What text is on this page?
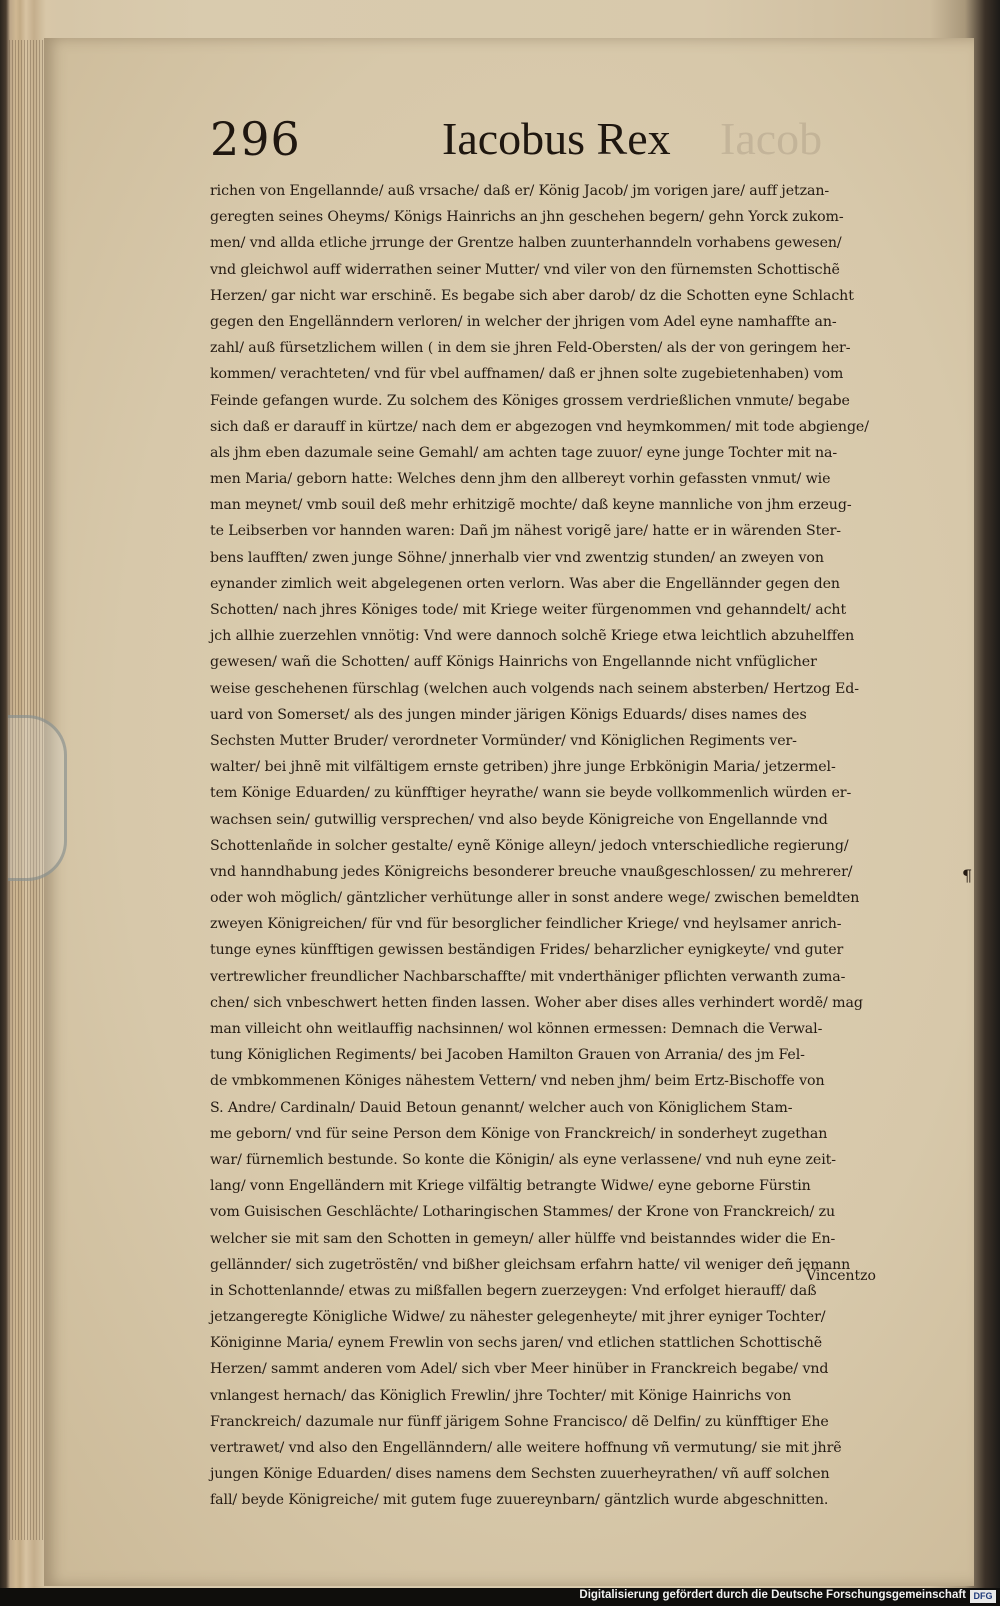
Iacob
296	Iacobus Rex
richen von Engellannde/ auß vrsache/ daß er/ König Jacob/ jm vorigen jare/ auff jetzan-
geregten seines Oheyms/ Königs Hainrichs an jhn geschehen begern/ gehn Yorck zukom-
men/ vnd allda etliche jrrunge der Grentze halben zuunterhanndeln vorhabens gewesen/
vnd gleichwol auff widerrathen seiner Mutter/ vnd viler von den fürnemsten Schottischẽ
Herzen/ gar nicht war erschinẽ. Es begabe sich aber darob/ dz die Schotten eyne Schlacht
gegen den Engellänndern verloren/ in welcher der jhrigen vom Adel eyne namhaffte an-
zahl/ auß fürsetzlichem willen ( in dem sie jhren Feld-Obersten/ als der von geringem her-
kommen/ verachteten/ vnd für vbel auffnamen/ daß er jhnen solte zugebietenhaben) vom
Feinde gefangen wurde. Zu solchem des Königes grossem verdrießlichen vnmute/ begabe
sich daß er darauff in kürtze/ nach dem er abgezogen vnd heymkommen/ mit tode abgienge/
als jhm eben dazumale seine Gemahl/ am achten tage zuuor/ eyne junge Tochter mit na-
men Maria/ geborn hatte: Welches denn jhm den allbereyt vorhin gefassten vnmut/ wie
man meynet/ vmb souil deß mehr erhitzigẽ mochte/ daß keyne mannliche von jhm erzeug-
te Leibserben vor hannden waren: Dañ jm nähest vorigẽ jare/ hatte er in wärenden Ster-
bens laufften/ zwen junge Söhne/ jnnerhalb vier vnd zwentzig stunden/ an zweyen von
eynander zimlich weit abgelegenen orten verlorn. Was aber die Engellännder gegen den
Schotten/ nach jhres Königes tode/ mit Kriege weiter fürgenommen vnd gehanndelt/ acht
jch allhie zuerzehlen vnnötig: Vnd were dannoch solchẽ Kriege etwa leichtlich abzuhelffen
gewesen/ wañ die Schotten/ auff Königs Hainrichs von Engellannde nicht vnfüglicher
weise geschehenen fürschlag (welchen auch volgends nach seinem absterben/ Hertzog Ed-
uard von Somerset/ als des jungen minder järigen Königs Eduards/ dises names des
Sechsten Mutter Bruder/ verordneter Vormünder/ vnd Königlichen Regiments ver-
walter/ bei jhnẽ mit vilfältigem ernste getriben) jhre junge Erbkönigin Maria/ jetzermel-
tem Könige Eduarden/ zu künfftiger heyrathe/ wann sie beyde vollkommenlich würden er-
wachsen sein/ gutwillig versprechen/ vnd also beyde Königreiche von Engellannde vnd
Schottenlañde in solcher gestalte/ eynẽ Könige alleyn/ jedoch vnterschiedliche regierung/
vnd hanndhabung jedes Königreichs besonderer breuche vnaußgeschlossen/ zu mehrerer/
oder woh möglich/ gäntzlicher verhütunge aller in sonst andere wege/ zwischen bemeldten
zweyen Königreichen/ für vnd für besorglicher feindlicher Kriege/ vnd heylsamer anrich-
tunge eynes künfftigen gewissen beständigen Frides/ beharzlicher eynigkeyte/ vnd guter
vertrewlicher freundlicher Nachbarschaffte/ mit vnderthäniger pflichten verwanth zuma-
chen/ sich vnbeschwert hetten finden lassen. Woher aber dises alles verhindert wordẽ/ mag
man villeicht ohn weitlauffig nachsinnen/ wol können ermessen: Demnach die Verwal-
tung Königlichen Regiments/ bei Jacoben Hamilton Grauen von Arrania/ des jm Fel-
de vmbkommenen Königes nähestem Vettern/ vnd neben jhm/ beim Ertz-Bischoffe von
S. Andre/ Cardinaln/ Dauid Betoun genannt/ welcher auch von Königlichem Stam-
me geborn/ vnd für seine Person dem Könige von Franckreich/ in sonderheyt zugethan
war/ fürnemlich bestunde. So konte die Königin/ als eyne verlassene/ vnd nuh eyne zeit-
lang/ vonn Engelländern mit Kriege vilfältig betrangte Widwe/ eyne geborne Fürstin
vom Guisischen Geschlächte/ Lotharingischen Stammes/ der Krone von Franckreich/ zu
welcher sie mit sam den Schotten in gemeyn/ aller hülffe vnd beistanndes wider die En-
gellännder/ sich zugetröstẽn/ vnd bißher gleichsam erfahrn hatte/ vil weniger deñ jemann
in Schottenlannde/ etwas zu mißfallen begern zuerzeygen: Vnd erfolget hierauff/ daß
jetzangeregte Königliche Widwe/ zu nähester gelegenheyte/ mit jhrer eyniger Tochter/
Königinne Maria/ eynem Frewlin von sechs jaren/ vnd etlichen stattlichen Schottischẽ
Herzen/ sammt anderen vom Adel/ sich vber Meer hinüber in Franckreich begabe/ vnd
vnlangest hernach/ das Königlich Frewlin/ jhre Tochter/ mit Könige Hainrichs von
Franckreich/ dazumale nur fünff järigem Sohne Francisco/ dẽ Delfin/ zu künfftiger Ehe
vertrawet/ vnd also den Engellänndern/ alle weitere hoffnung vñ vermutung/ sie mit jhrẽ
jungen Könige Eduarden/ dises namens dem Sechsten zuuerheyrathen/ vñ auff solchen
fall/ beyde Königreiche/ mit gutem fuge zuuereynbarn/ gäntzlich wurde abgeschnitten.
¶
Vincentzo
Digitalisierung gefördert durch die Deutsche Forschungsgemeinschaft DFG
